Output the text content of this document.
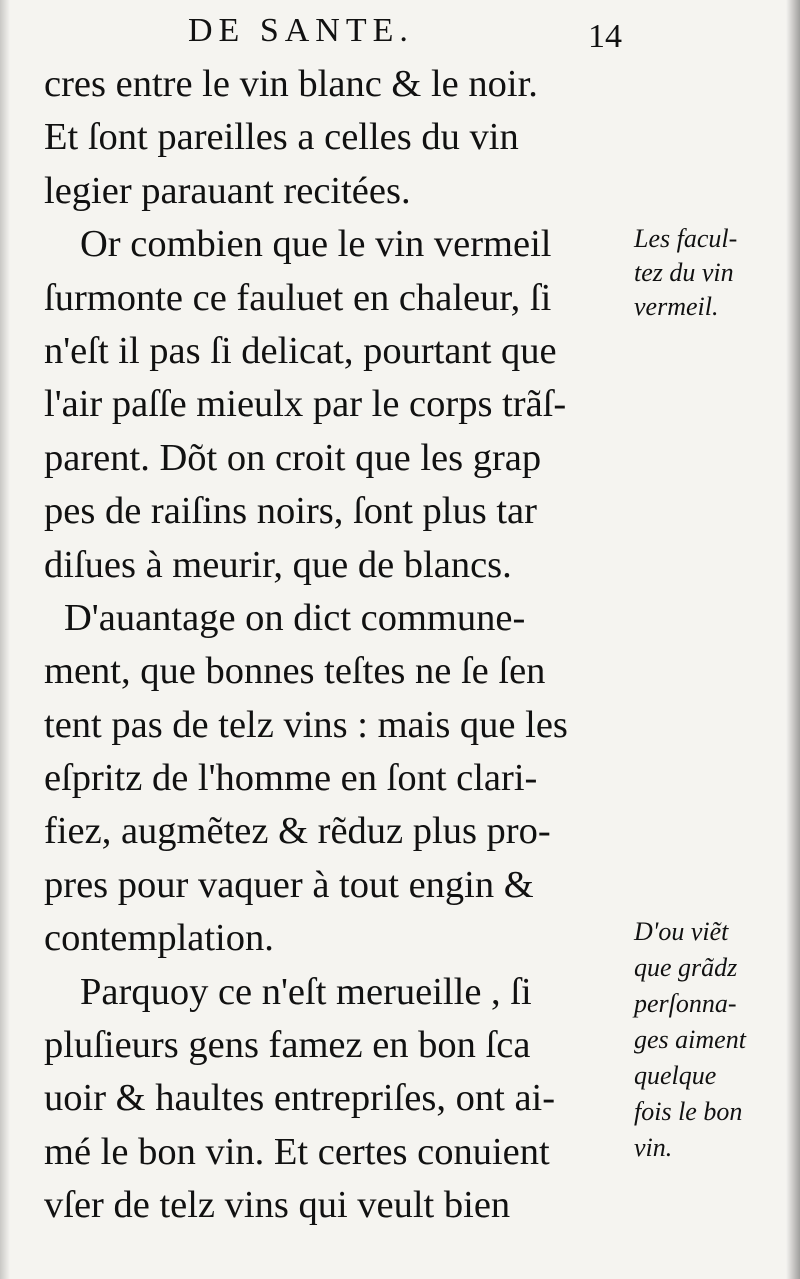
DE SANTE.	14
cres entre le vin blanc & le noir.
Et ſont pareilles a celles du vin
legier parauant recitées.
Or combien que le vin vermeil
ſurmonte ce fauluet en chaleur, ſi
n'eſt il pas ſi delicat, pourtant que
l'air paſſe mieulx par le corps trãſ-
parent. Dõt on croit que les grap
pes de raiſins noirs, ſont plus tar
diſues à meurir, que de blancs.
D'auantage on dict commune-
ment, que bonnes teſtes ne ſe ſen
tent pas de telz vins : mais que les
eſpritz de l'homme en ſont clari-
fiez, augmẽtez & rẽduz plus pro-
pres pour vaquer à tout engin &
contemplation.
Parquoy ce n'eſt merueille , ſi
pluſieurs gens famez en bon ſca
uoir & haultes entrepriſes, ont ai-
mé le bon vin. Et certes conuient
vſer de telz vins qui veult bien
Les facul-
tez du vin
vermeil.
D'ou viẽt
que grãdz
perſonna-
ges aiment
quelque
fois le bon
vin.
